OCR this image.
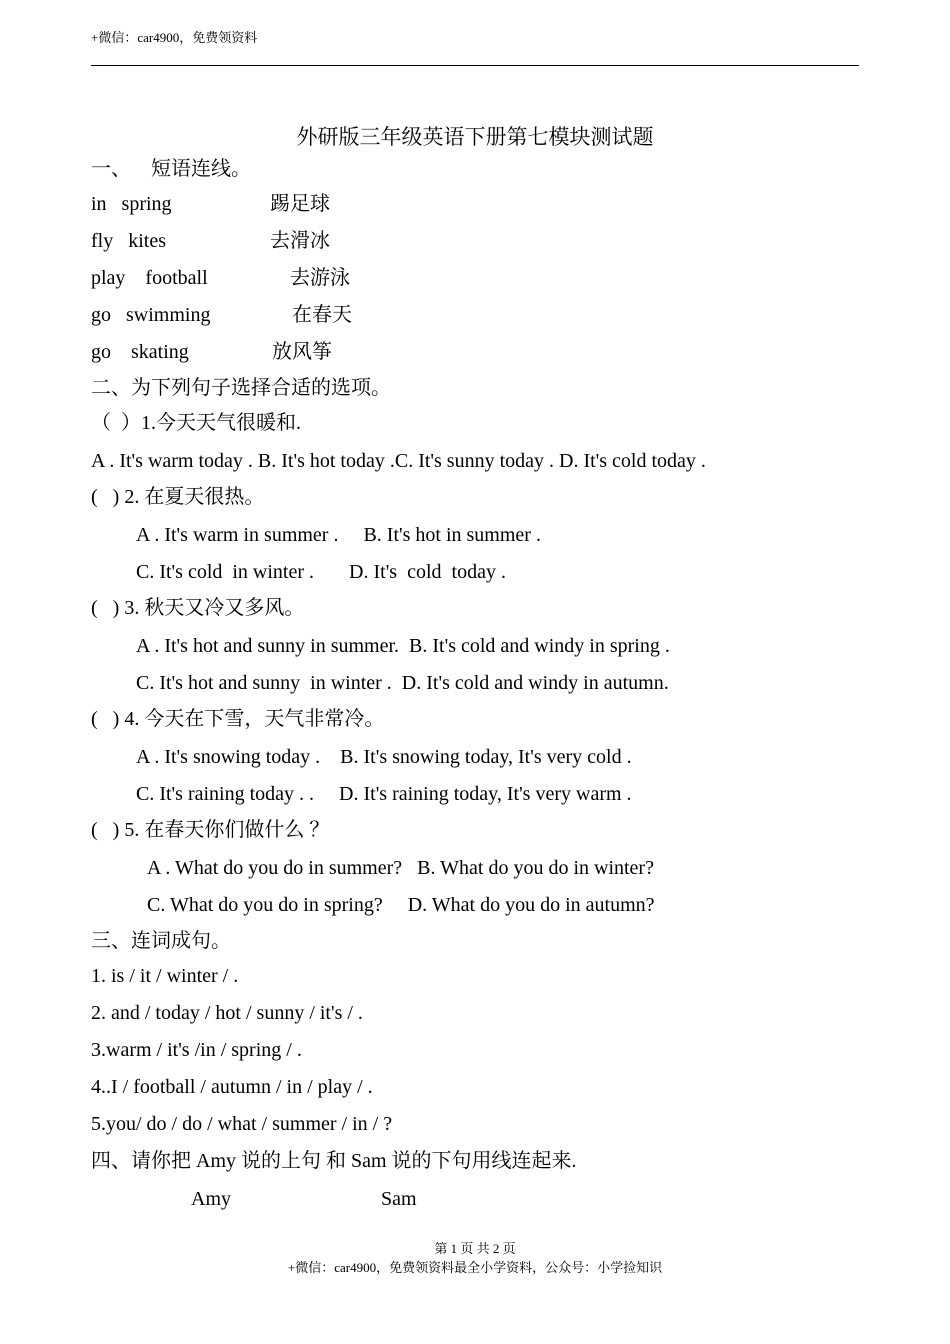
+微信：car4900，免费领资料
外研版三年级英语下册第七模块测试题
一、    短语连线。
in   spring	踢足球
fly   kites	去滑冰
play    football	去游泳
go   swimming	在春天
go    skating	放风筝
二、为下列句子选择合适的选项。
（  ）1.今天天气很暖和.
A . It's warm today . B. It's hot today .C. It's sunny today . D. It's cold today .
(   ) 2. 在夏天很热。
A . It's warm in summer .     B. It's hot in summer .
C. It's cold  in winter .       D. It's  cold  today .
(   ) 3. 秋天又冷又多风。
A . It's hot and sunny in summer.  B. It's cold and windy in spring .
C. It's hot and sunny  in winter .  D. It's cold and windy in autumn.
(   ) 4. 今天在下雪，天气非常冷。
A . It's snowing today .    B. It's snowing today, It's very cold .
C. It's raining today . .     D. It's raining today, It's very warm .
(   ) 5. 在春天你们做什么 ？
A . What do you do in summer?   B. What do you do in winter?
C. What do you do in spring?     D. What do you do in autumn?
三、连词成句。
1. is / it / winter / .
2. and / today / hot / sunny / it's / .
3.warm / it's /in / spring / .
4..I / football / autumn / in / play / .
5.you/ do / do / what / summer / in / ?
四、请你把 Amy 说的上句 和 Sam 说的下句用线连起来.
Amy	Sam
第 1 页 共 2 页
+微信：car4900，免费领资料最全小学资料，公众号：小学捡知识
